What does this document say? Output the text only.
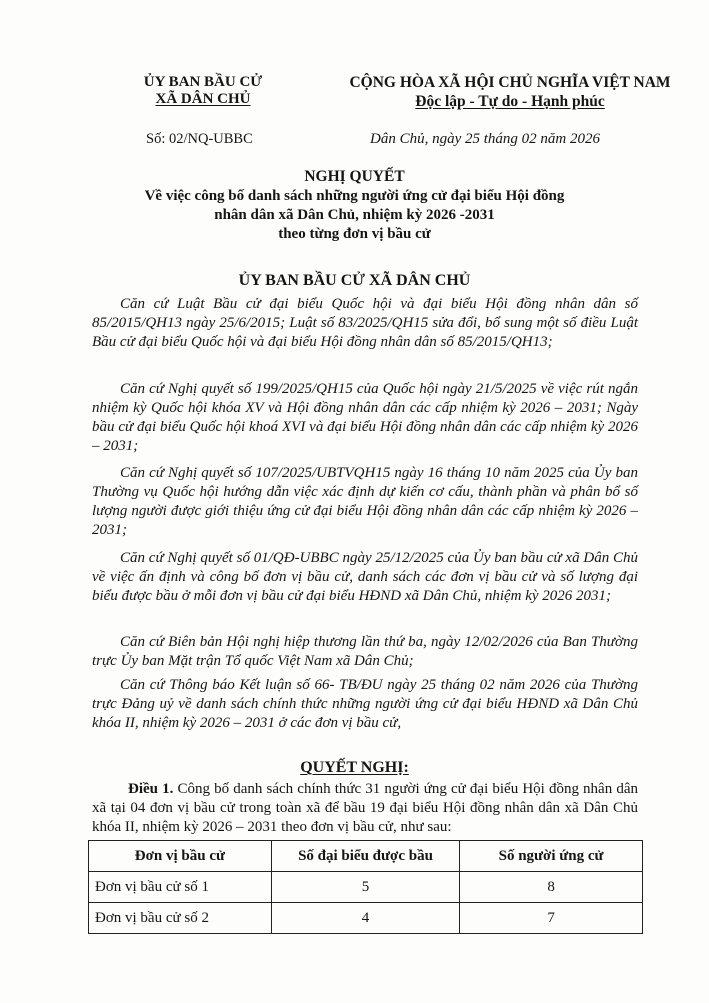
ỦY BAN BẦU CỬ
XÃ DÂN CHỦ
CỘNG HÒA XÃ HỘI CHỦ NGHĨA VIỆT NAM
Độc lập - Tự do - Hạnh phúc
Số: 02/NQ-UBBC	Dân Chủ, ngày 25 tháng 02 năm 2026
NGHỊ QUYẾT
Về việc công bố danh sách những người ứng cử đại biểu Hội đồng
nhân dân xã Dân Chủ, nhiệm kỳ 2026 -2031
theo từng đơn vị bầu cử
ỦY BAN BẦU CỬ XÃ DÂN CHỦ

Căn cứ Luật Bầu cử đại biểu Quốc hội và đại biểu Hội đồng nhân dân số 85/2015/QH13 ngày 25/6/2015; Luật số 83/2025/QH15 sửa đổi, bổ sung một số điều Luật Bầu cử đại biểu Quốc hội và đại biểu Hội đồng nhân dân số 85/2015/QH13;

Căn cứ Nghị quyết số 199/2025/QH15 của Quốc hội ngày 21/5/2025 về việc rút ngắn nhiệm kỳ Quốc hội khóa XV và Hội đồng nhân dân các cấp nhiệm kỳ 2026 – 2031; Ngày bầu cử đại biểu Quốc hội khoá XVI và đại biểu Hội đồng nhân dân các cấp nhiệm kỳ 2026 – 2031;

Căn cứ Nghị quyết số 107/2025/UBTVQH15 ngày 16 tháng 10 năm 2025 của Ủy ban Thường vụ Quốc hội hướng dẫn việc xác định dự kiến cơ cấu, thành phần và phân bổ số lượng người được giới thiệu ứng cử đại biểu Hội đồng nhân dân các cấp nhiệm kỳ 2026 – 2031;

Căn cứ Nghị quyết số 01/QĐ-UBBC ngày 25/12/2025 của Ủy ban bầu cử xã Dân Chủ về việc ấn định và công bố đơn vị bầu cử, danh sách các đơn vị bầu cử và số lượng đại biểu được bầu ở mỗi đơn vị bầu cử đại biểu HĐND xã Dân Chủ, nhiệm kỳ 2026 2031;

Căn cứ Biên bản Hội nghị hiệp thương lần thứ ba, ngày 12/02/2026 của Ban Thường trực Ủy ban Mặt trận Tổ quốc Việt Nam xã Dân Chủ;

Căn cứ Thông báo Kết luận số 66- TB/ĐU ngày 25 tháng 02 năm 2026 của Thường trực Đảng uỷ về danh sách chính thức những người ứng cử đại biểu HĐND xã Dân Chủ khóa II, nhiệm kỳ 2026 – 2031 ở các đơn vị bầu cử,

QUYẾT NGHỊ:

Điều 1. Công bố danh sách chính thức 31 người ứng cử đại biểu Hội đồng nhân dân xã tại 04 đơn vị bầu cử trong toàn xã để bầu 19 đại biểu Hội đồng nhân dân xã Dân Chủ khóa II, nhiệm kỳ 2026 – 2031 theo đơn vị bầu cử, như sau:

Đơn vị bầu cử	Số đại biểu được bầu	Số người ứng cử
Đơn vị bầu cử số 1	5	8
Đơn vị bầu cử số 2	4	7
